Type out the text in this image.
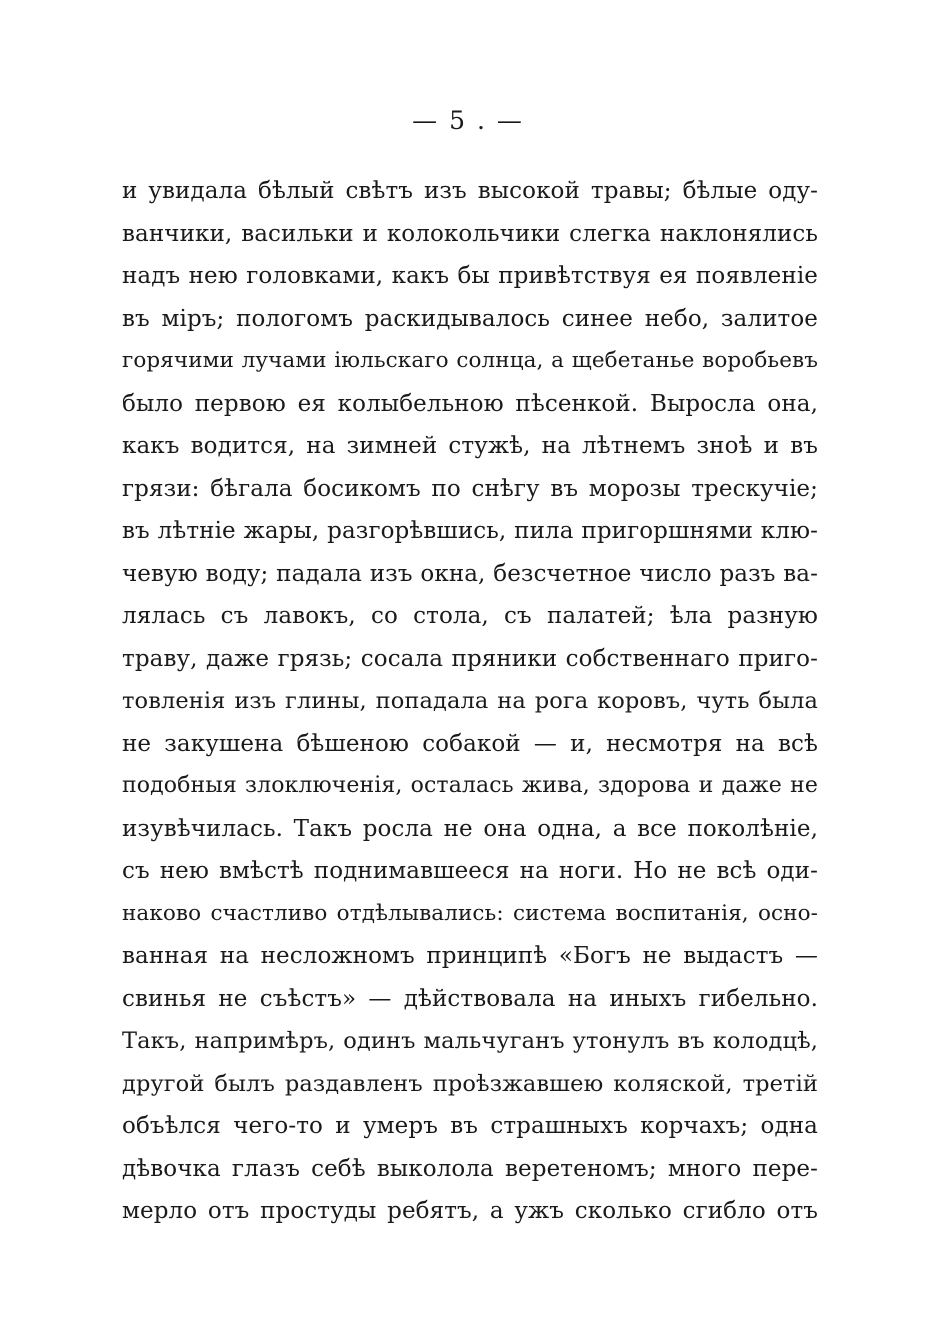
— 5 . —
и увидала бѣлый свѣтъ изъ высокой травы; бѣлые оду-
ванчики, васильки и колокольчики слегка наклонялись
надъ нею головками, какъ бы привѣтствуя ея появленіе
въ міръ; пологомъ раскидывалось синее небо, залитое
горячими лучами іюльскаго солнца, а щебетанье воробьевъ
было первою ея колыбельною пѣсенкой. Выросла она,
какъ водится, на зимней стужѣ, на лѣтнемъ знoѣ и въ
грязи: бѣгала босикомъ по снѣгу въ морозы трескучіе;
въ лѣтніе жары, разгорѣвшись, пила пригоршнями клю-
чевую воду; падала изъ окна, безсчетное число разъ ва-
лялась съ лавокъ, со стола, съ палатей; ѣла разную
траву, даже грязь; сосала пряники собственнаго приго-
товленія изъ глины, попадала на рога коровъ, чуть была
не закушена бѣшеною собакой — и, несмотря на всѣ
подобныя злоключенія, осталась жива, здорова и даже не
изувѣчилась. Такъ росла не она одна, а все поколѣніе,
съ нею вмѣстѣ поднимавшееся на ноги. Но не всѣ оди-
наково счастливо отдѣлывались: система воспитанія, осно-
ванная на несложномъ принципѣ «Богъ не выдастъ —
свинья не съѣстъ» — дѣйствовала на иныхъ гибельно.
Такъ, напримѣръ, одинъ мальчуганъ утонулъ въ колодцѣ,
другой былъ раздавленъ проѣзжавшею коляской, третій
объѣлся чего-то и умеръ въ страшныхъ корчахъ; одна
дѣвочка глазъ себѣ выкололa веретеномъ; много пере-
мерло отъ простуды ребятъ, а ужъ сколько сгибло отъ
